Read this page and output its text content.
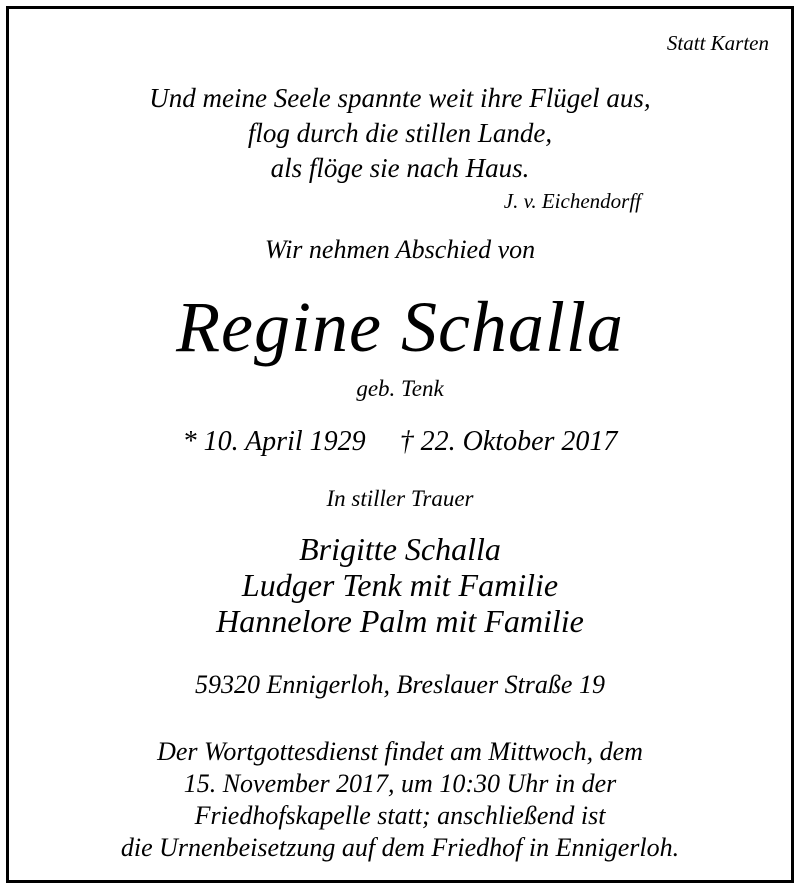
Statt Karten
Und meine Seele spannte weit ihre Flügel aus,
flog durch die stillen Lande,
als flöge sie nach Haus.
J. v. Eichendorff
Wir nehmen Abschied von
Regine Schalla
geb. Tenk
* 10. April 1929 † 22. Oktober 2017
In stiller Trauer
Brigitte Schalla
Ludger Tenk mit Familie
Hannelore Palm mit Familie
59320 Ennigerloh, Breslauer Straße 19
Der Wortgottesdienst findet am Mittwoch, dem
15. November 2017, um 10:30 Uhr in der
Friedhofskapelle statt; anschließend ist
die Urnenbeisetzung auf dem Friedhof in Ennigerloh.
